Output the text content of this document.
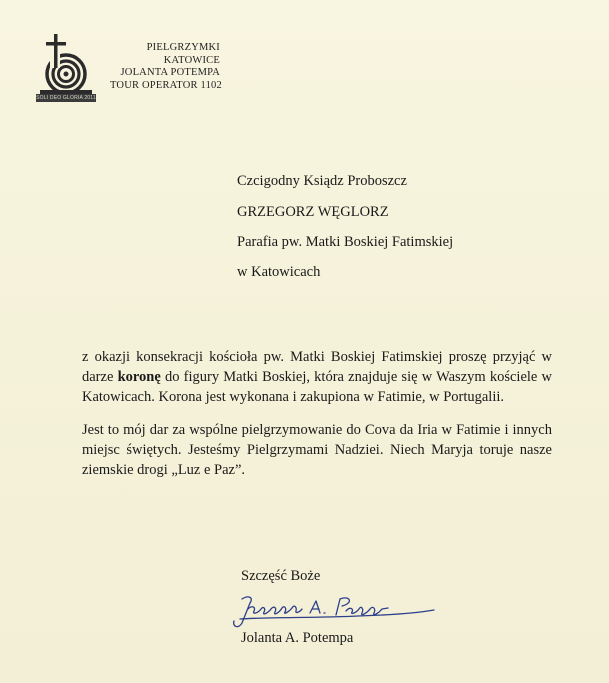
SOLI DEO GLORIA 2011
PIELGRZYMKI
KATOWICE
JOLANTA POTEMPA
TOUR OPERATOR 1102
Czcigodny Ksiądz Proboszcz
GRZEGORZ WĘGLORZ
Parafia pw. Matki Boskiej Fatimskiej
w Katowicach
z okazji konsekracji kościoła pw. Matki Boskiej Fatimskiej proszę przyjąć w darze koronę do figury Matki Boskiej, która znajduje się w Waszym kościele w Katowicach. Korona jest wykonana i zakupiona w Fatimie, w Portugalii.
Jest to mój dar za wspólne pielgrzymowanie do Cova da Iria w Fatimie i innych miejsc świętych. Jesteśmy Pielgrzymami Nadziei. Niech Maryja toruje nasze ziemskie drogi „Luz e Paz”.
Szczęść Boże
Jolanta A. Potempa
